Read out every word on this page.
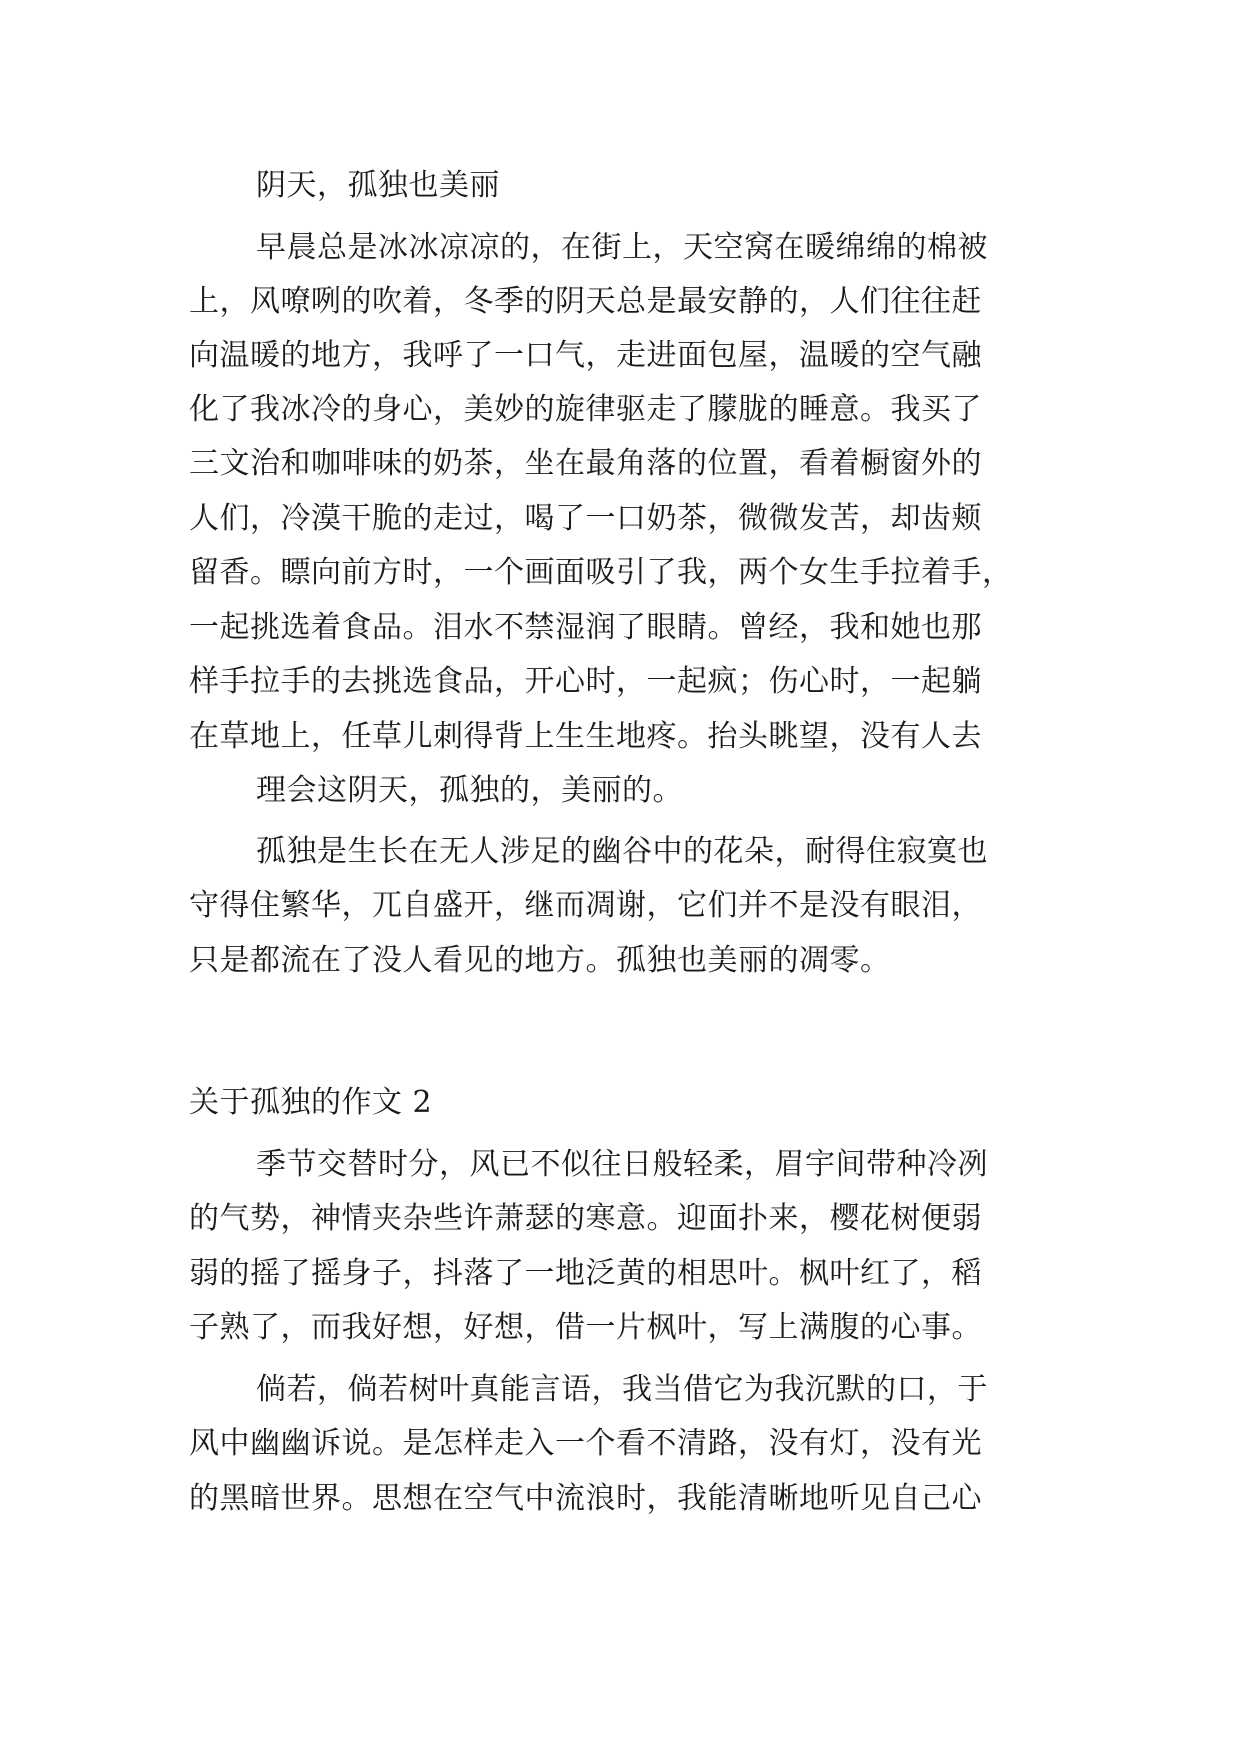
阴天，孤独也美丽
早晨总是冰冰凉凉的，在街上，天空窝在暖绵绵的棉被
上，风嘹咧的吹着，冬季的阴天总是最安静的，人们往往赶
向温暖的地方，我呼了一口气，走进面包屋，温暖的空气融
化了我冰冷的身心，美妙的旋律驱走了朦胧的睡意。我买了
三文治和咖啡味的奶茶，坐在最角落的位置，看着橱窗外的
人们，冷漠干脆的走过，喝了一口奶茶，微微发苦，却齿颊
留香。瞟向前方时，一个画面吸引了我，两个女生手拉着手，
一起挑选着食品。泪水不禁湿润了眼睛。曾经，我和她也那
样手拉手的去挑选食品，开心时，一起疯；伤心时，一起躺
在草地上，任草儿刺得背上生生地疼。抬头眺望，没有人去
理会这阴天，孤独的，美丽的。
孤独是生长在无人涉足的幽谷中的花朵，耐得住寂寞也
守得住繁华，兀自盛开，继而凋谢，它们并不是没有眼泪，
只是都流在了没人看见的地方。孤独也美丽的凋零。
关于孤独的作文 2
季节交替时分，风已不似往日般轻柔，眉宇间带种冷冽
的气势，神情夹杂些许萧瑟的寒意。迎面扑来，樱花树便弱
弱的摇了摇身子，抖落了一地泛黄的相思叶。枫叶红了，稻
子熟了，而我好想，好想，借一片枫叶，写上满腹的心事。
倘若，倘若树叶真能言语，我当借它为我沉默的口，于
风中幽幽诉说。是怎样走入一个看不清路，没有灯，没有光
的黑暗世界。思想在空气中流浪时，我能清晰地听见自己心
